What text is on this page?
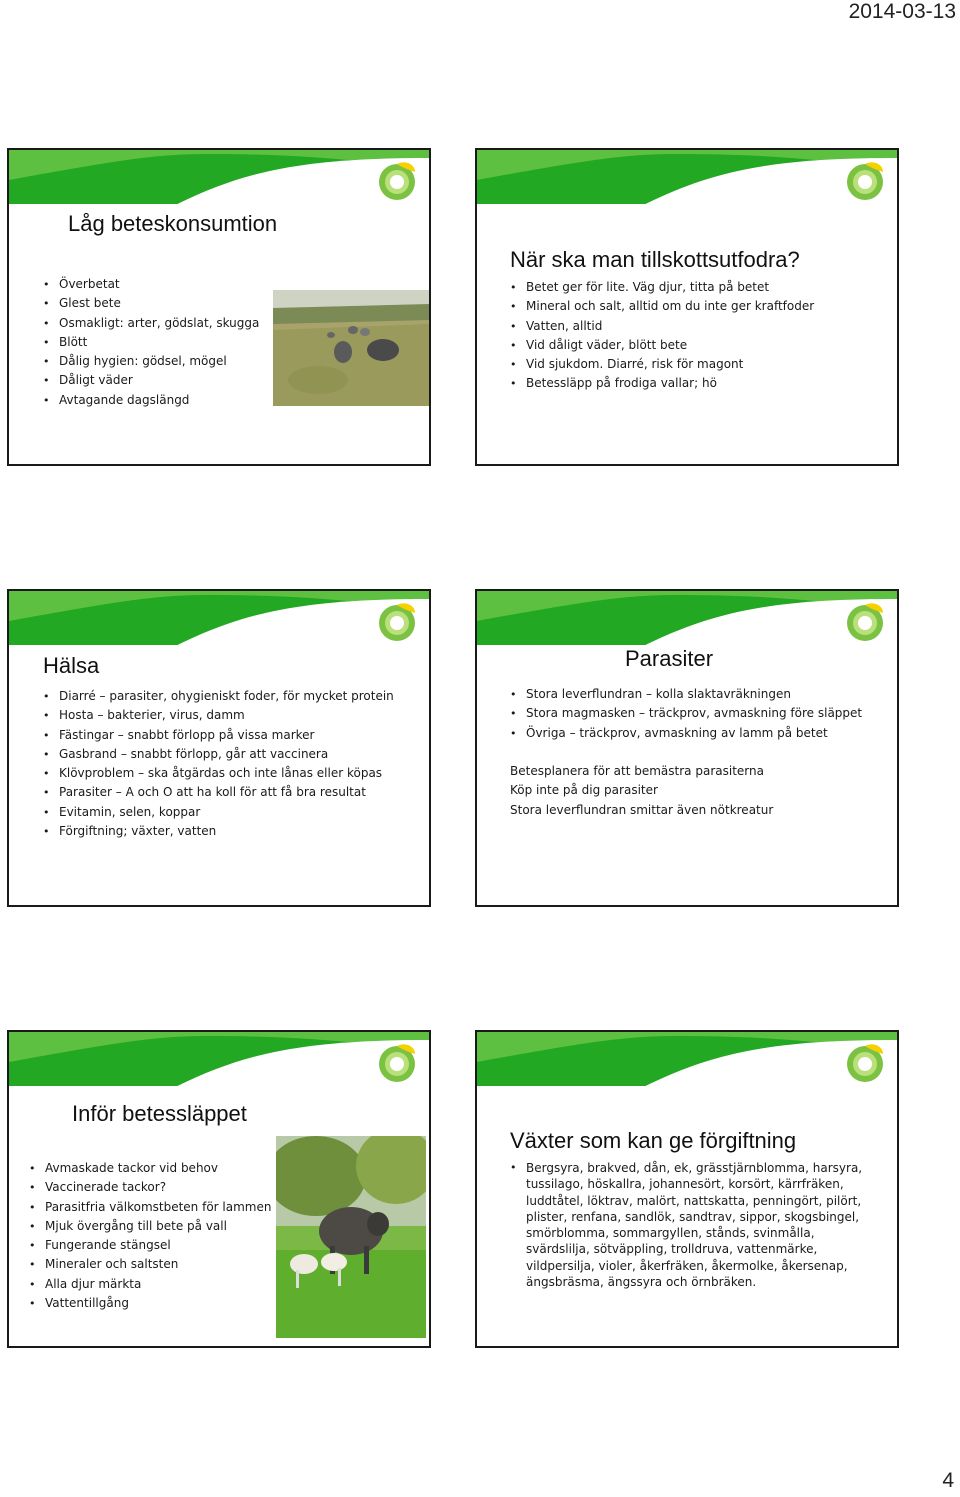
2014-03-13
Låg beteskonsumtion
• Överbetat
• Glest bete
• Osmakligt: arter, gödslat, skugga
• Blött
• Dålig hygien: gödsel, mögel
• Dåligt väder
• Avtagande dagslängd
När ska man tillskottsutfodra?
• Betet ger för lite. Väg djur, titta på betet
• Mineral och salt, alltid om du inte ger kraftfoder
• Vatten, alltid
• Vid dåligt väder, blött bete
• Vid sjukdom. Diarré, risk för magont
• Betessläpp på frodiga vallar; hö
Hälsa
• Diarré – parasiter, ohygieniskt foder, för mycket protein
• Hosta – bakterier, virus, damm
• Fästingar – snabbt förlopp på vissa marker
• Gasbrand – snabbt förlopp, går att vaccinera
• Klövproblem – ska åtgärdas och inte lånas eller köpas
• Parasiter – A och O att ha koll för att få bra resultat
• Evitamin, selen, koppar
• Förgiftning; växter, vatten
Parasiter
• Stora leverflundran – kolla slaktavräkningen
• Stora magmasken – träckprov, avmaskning före släppet
• Övriga – träckprov, avmaskning av lamm på betet
Betesplanera för att bemästra parasiterna
Köp inte på dig parasiter
Stora leverflundran smittar även nötkreatur
Inför betessläppet
• Avmaskade tackor vid behov
• Vaccinerade tackor?
• Parasitfria välkomstbeten för lammen
• Mjuk övergång till bete på vall
• Fungerande stängsel
• Mineraler och saltsten
• Alla djur märkta
• Vattentillgång
Växter som kan ge förgiftning
• Bergsyra, brakved, dån, ek, grässtjärnblomma, harsyra, tussilago, höskallra, johannesört, korsört, kärrfräken, luddtåtel, löktrav, malört, nattskatta, penningört, pilört, plister, renfana, sandlök, sandtrav, sippor, skogsbingel, smörblomma, sommargyllen, stånds, svinmålla, svärdslilja, sötväppling, trolldruva, vattenmärke, vildpersilja, violer, åkerfräken, åkermolke, åkersenap, ängsbräsma, ängssyra och örnbräken.
4
